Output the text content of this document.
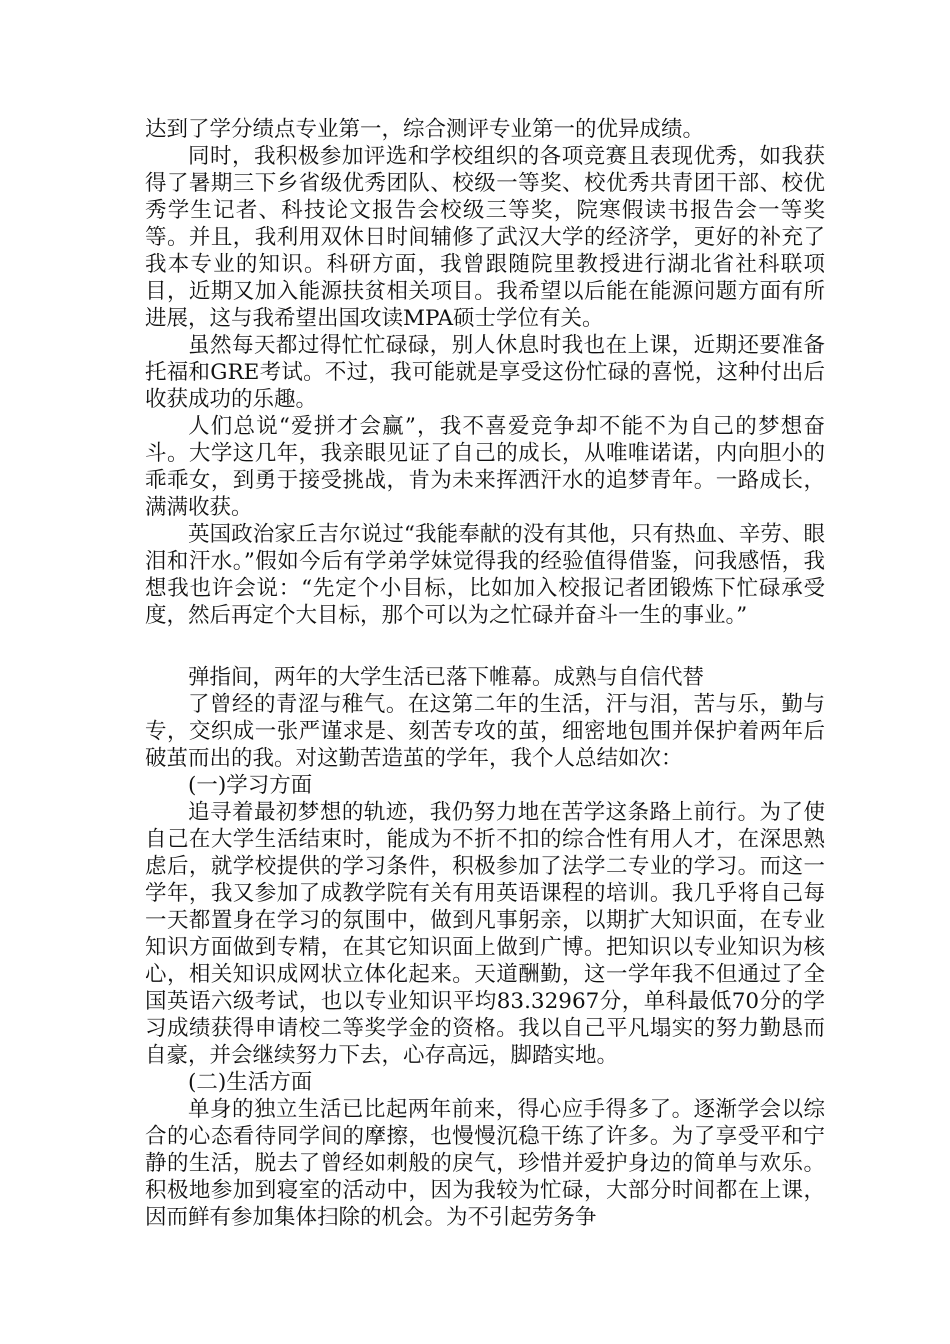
达到了学分绩点专业第一，综合测评专业第一的优异成绩。

同时，我积极参加评选和学校组织的各项竞赛且表现优秀，如我获得了暑期三下乡省级优秀团队、校级一等奖、校优秀共青团干部、校优秀学生记者、科技论文报告会校级三等奖，院寒假读书报告会一等奖等。并且，我利用双休日时间辅修了武汉大学的经济学，更好的补充了我本专业的知识。科研方面，我曾跟随院里教授进行湖北省社科联项目，近期又加入能源扶贫相关项目。我希望以后能在能源问题方面有所进展，这与我希望出国攻读MPA硕士学位有关。

虽然每天都过得忙忙碌碌，别人休息时我也在上课，近期还要准备托福和GRE考试。不过，我可能就是享受这份忙碌的喜悦，这种付出后收获成功的乐趣。

人们总说“爱拼才会赢”，我不喜爱竞争却不能不为自己的梦想奋斗。大学这几年，我亲眼见证了自己的成长，从唯唯诺诺，内向胆小的乖乖女，到勇于接受挑战，肯为未来挥洒汗水的追梦青年。一路成长，满满收获。

英国政治家丘吉尔说过“我能奉献的没有其他，只有热血、辛劳、眼泪和汗水。”假如今后有学弟学妹觉得我的经验值得借鉴，问我感悟，我想我也许会说：“先定个小目标，比如加入校报记者团锻炼下忙碌承受度，然后再定个大目标，那个可以为之忙碌并奋斗一生的事业。”

弹指间，两年的大学生活已落下帷幕。成熟与自信代替

了曾经的青涩与稚气。在这第二年的生活，汗与泪，苦与乐，勤与专，交织成一张严谨求是、刻苦专攻的茧，细密地包围并保护着两年后破茧而出的我。对这勤苦造茧的学年，我个人总结如次：

(一)学习方面

追寻着最初梦想的轨迹，我仍努力地在苦学这条路上前行。为了使自己在大学生活结束时，能成为不折不扣的综合性有用人才，在深思熟虑后，就学校提供的学习条件，积极参加了法学二专业的学习。而这一学年，我又参加了成教学院有关有用英语课程的培训。我几乎将自己每一天都置身在学习的氛围中，做到凡事躬亲，以期扩大知识面，在专业知识方面做到专精，在其它知识面上做到广博。把知识以专业知识为核心，相关知识成网状立体化起来。天道酬勤，这一学年我不但通过了全国英语六级考试，也以专业知识平均83.32967分，单科最低70分的学习成绩获得申请校二等奖学金的资格。我以自己平凡塌实的努力勤恳而自豪，并会继续努力下去，心存高远，脚踏实地。

(二)生活方面

单身的独立生活已比起两年前来，得心应手得多了。逐渐学会以综合的心态看待同学间的摩擦，也慢慢沉稳干练了许多。为了享受平和宁静的生活，脱去了曾经如刺般的戾气，珍惜并爱护身边的简单与欢乐。积极地参加到寝室的活动中，因为我较为忙碌，大部分时间都在上课，因而鲜有参加集体扫除的机会。为不引起劳务争
